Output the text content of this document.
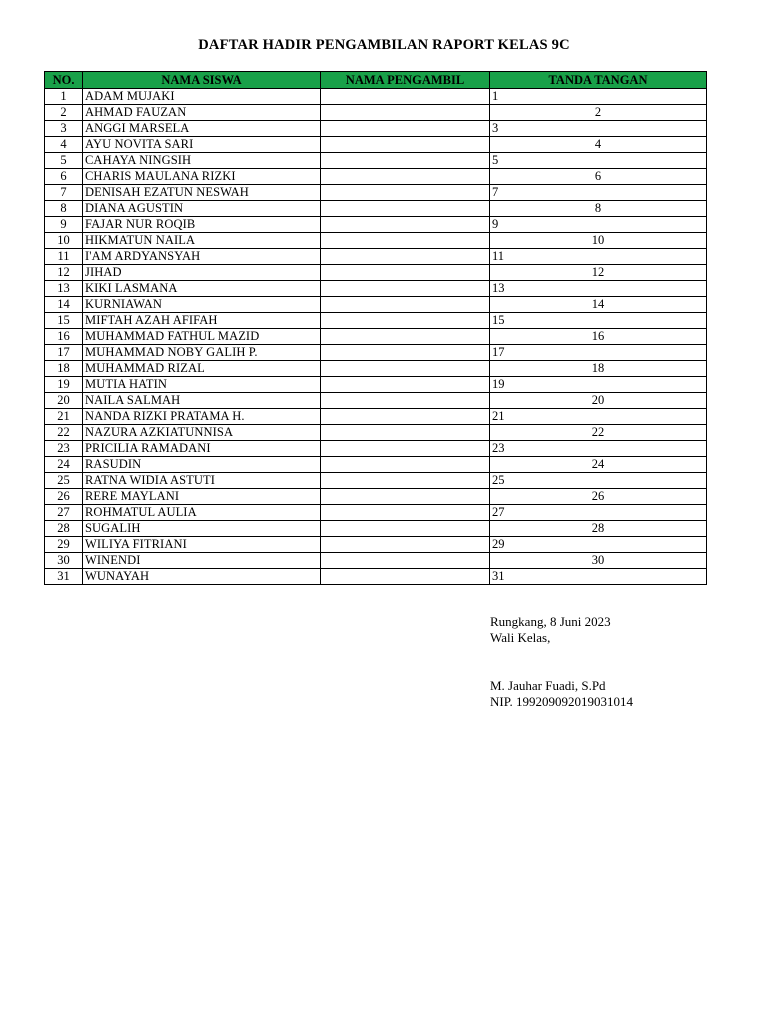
DAFTAR HADIR PENGAMBILAN RAPORT KELAS 9C
NO.	NAMA SISWA	NAMA PENGAMBIL	TANDA TANGAN
1	ADAM MUJAKI		1
2	AHMAD FAUZAN		2
3	ANGGI MARSELA		3
4	AYU NOVITA SARI		4
5	CAHAYA NINGSIH		5
6	CHARIS MAULANA RIZKI		6
7	DENISAH EZATUN NESWAH		7
8	DIANA AGUSTIN		8
9	FAJAR NUR ROQIB		9
10	HIKMATUN NAILA		10
11	I'AM ARDYANSYAH		11
12	JIHAD		12
13	KIKI LASMANA		13
14	KURNIAWAN		14
15	MIFTAH AZAH AFIFAH		15
16	MUHAMMAD FATHUL MAZID		16
17	MUHAMMAD NOBY GALIH P.		17
18	MUHAMMAD RIZAL		18
19	MUTIA HATIN		19
20	NAILA SALMAH		20
21	NANDA RIZKI PRATAMA H.		21
22	NAZURA AZKIATUNNISA		22
23	PRICILIA RAMADANI		23
24	RASUDIN		24
25	RATNA WIDIA ASTUTI		25
26	RERE MAYLANI		26
27	ROHMATUL AULIA		27
28	SUGALIH		28
29	WILIYA FITRIANI		29
30	WINENDI		30
31	WUNAYAH		31
Rungkang, 8 Juni 2023
Wali Kelas,
M. Jauhar Fuadi, S.Pd
NIP. 199209092019031014
